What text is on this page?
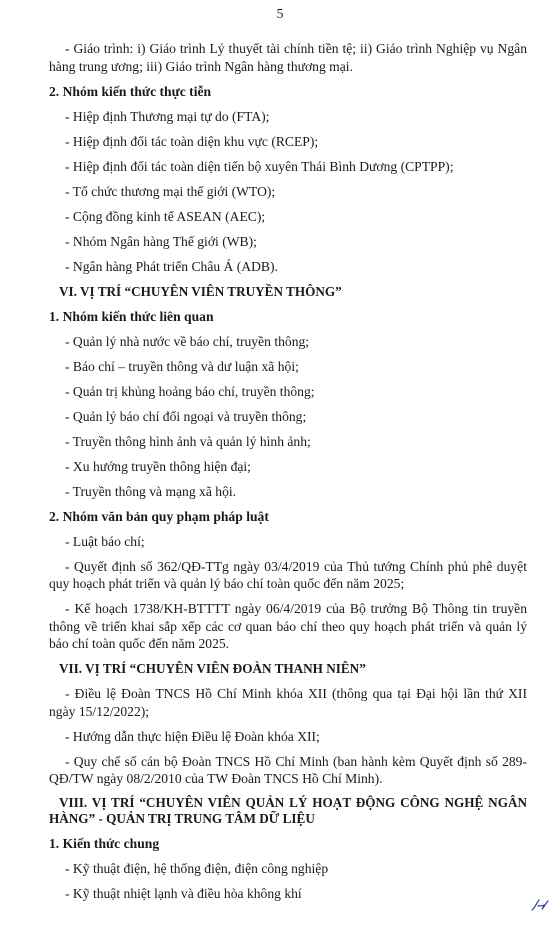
5
- Giáo trình: i) Giáo trình Lý thuyết tài chính tiền tệ; ii) Giáo trình Nghiệp vụ Ngân hàng trung ương; iii) Giáo trình Ngân hàng thương mại.
2. Nhóm kiến thức thực tiễn
- Hiệp định Thương mại tự do (FTA);
- Hiệp định đối tác toàn diện khu vực (RCEP);
- Hiệp định đối tác toàn diện tiến bộ xuyên Thái Bình Dương (CPTPP);
- Tổ chức thương mại thế giới (WTO);
- Cộng đồng kinh tế ASEAN (AEC);
- Nhóm Ngân hàng Thế giới (WB);
- Ngân hàng Phát triển Châu Á (ADB).
VI. VỊ TRÍ “CHUYÊN VIÊN TRUYỀN THÔNG”
1. Nhóm kiến thức liên quan
- Quản lý nhà nước về báo chí, truyền thông;
- Báo chí – truyền thông và dư luận xã hội;
- Quản trị khủng hoảng báo chí, truyền thông;
- Quản lý báo chí đối ngoại và truyền thông;
- Truyền thông hình ảnh và quản lý hình ảnh;
- Xu hướng truyền thông hiện đại;
- Truyền thông và mạng xã hội.
2. Nhóm văn bản quy phạm pháp luật
- Luật báo chí;
- Quyết định số 362/QĐ-TTg ngày 03/4/2019 của Thủ tướng Chính phủ phê duyệt quy hoạch phát triển và quản lý báo chí toàn quốc đến năm 2025;
- Kế hoạch 1738/KH-BTTTT ngày 06/4/2019 của Bộ trưởng Bộ Thông tin truyền thông về triển khai sắp xếp các cơ quan báo chí theo quy hoạch phát triển và quản lý báo chí toàn quốc đến năm 2025.
VII. VỊ TRÍ “CHUYÊN VIÊN ĐOÀN THANH NIÊN”
- Điều lệ Đoàn TNCS Hồ Chí Minh khóa XII (thông qua tại Đại hội lần thứ XII ngày 15/12/2022);
- Hướng dẫn thực hiện Điều lệ Đoàn khóa XII;
- Quy chế số cán bộ Đoàn TNCS Hồ Chí Minh (ban hành kèm Quyết định số 289-QĐ/TW ngày 08/2/2010 của TW Đoàn TNCS Hồ Chí Minh).
VIII. VỊ TRÍ “CHUYÊN VIÊN QUẢN LÝ HOẠT ĐỘNG CÔNG NGHỆ NGÂN HÀNG” - QUẢN TRỊ TRUNG TÂM DỮ LIỆU
1. Kiến thức chung
- Kỹ thuật điện, hệ thống điện, điện công nghiệp
- Kỹ thuật nhiệt lạnh và điều hòa không khí
